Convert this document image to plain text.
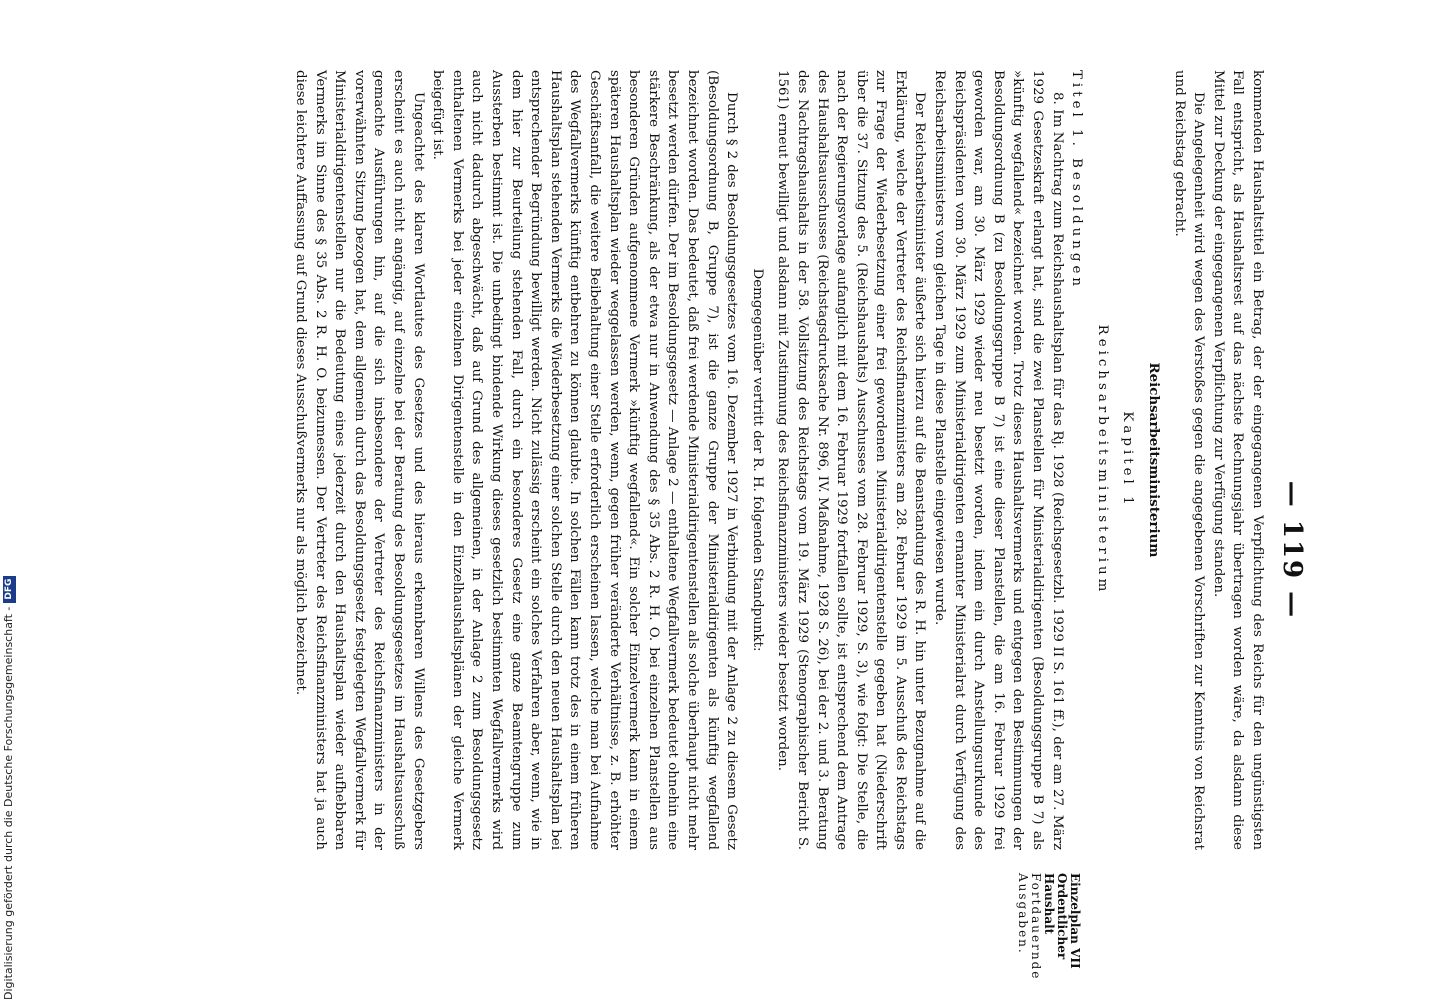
— 119 —
Einzelplan VII
Ordentlicher
Haushalt
Fortdauernde
Ausgaben.

kommenden Haushaltstitel ein Betrag, der der eingegangenen Verpflichtung des Reichs für den ungünstigsten Fall entspricht, als Haushaltsrest auf das nächste Rechnungsjahr übertragen worden wäre, da alsdann diese Mittel zur Deckung der eingegangenen Verpflichtung zur Verfügung standen.

Die Angelegenheit wird wegen des Verstoßes gegen die angegebenen Vorschriften zur Kenntnis von Reichsrat und Reichstag gebracht.

Reichsarbeitsministerium

Kapitel 1

Reichsarbeitsministerium

Titel 1. Besoldungen

8. Im Nachtrag zum Reichshaushaltsplan für das Rj. 1928 (Reichsgesetzbl. 1929 II S. 161 ff.), der am 27. März 1929 Gesetzeskraft erlangt hat, sind die zwei Planstellen für Ministerialdirigenten (Besoldungsgruppe B 7) als »künftig wegfallend« bezeichnet worden. Trotz dieses Haushaltsvermerks und entgegen den Bestimmungen der Besoldungsordnung B (zu Besoldungsgruppe B 7) ist eine dieser Planstellen, die am 16. Februar 1929 frei geworden war, am 30. März 1929 wieder neu besetzt worden, indem ein durch Anstellungsurkunde des Reichspräsidenten vom 30. März 1929 zum Ministerialdirigenten ernannter Ministerialrat durch Verfügung des Reichsarbeitsministers vom gleichen Tage in diese Planstelle eingewiesen wurde.

Der Reichsarbeitsminister äußerte sich hierzu auf die Beanstandung des R. H. hin unter Bezugnahme auf die Erklärung, welche der Vertreter des Reichsfinanzministers am 28. Februar 1929 im 5. Ausschuß des Reichstags zur Frage der Wiederbesetzung einer frei gewordenen Ministerialdirigentenstelle gegeben hat (Niederschrift über die 37. Sitzung des 5. (Reichshaushalts) Ausschusses vom 28. Februar 1929, S. 3), wie folgt: Die Stelle, die nach der Regierungsvorlage aufanglich mit dem 16. Februar 1929 fortfallen sollte, ist entsprechend dem Antrage des Haushaltsausschusses (Reichstagsdrucksache Nr. 896, IV. Maßnahme, 1928 S. 26), bei der 2. und 3. Beratung des Nachtragshaushalts in der 58. Vollsitzung des Reichstags vom 19. März 1929 (Stenographischer Bericht S. 1561) erneut bewilligt und alsdann mit Zustimmung des Reichsfinanzministers wieder besetzt worden.

Demgegenüber vertritt der R. H. folgenden Standpunkt:

Durch § 2 des Besoldungsgesetzes vom 16. Dezember 1927 in Verbindung mit der Anlage 2 zu diesem Gesetz (Besoldungsordnung B, Gruppe 7), ist die ganze Gruppe der Ministerialdirigenten als künftig wegfallend bezeichnet worden. Das bedeutet, daß frei werdende Ministerialdirigentenstellen als solche überhaupt nicht mehr besetzt werden dürfen. Der im Besoldungsgesetz — Anlage 2 — enthaltene Wegfallvermerk bedeutet ohnehin eine stärkere Beschränkung, als der etwa nur in Anwendung des § 35 Abs. 2 R. H. O. bei einzelnen Planstellen aus besonderen Gründen aufgenommene Vermerk »künftig wegfallend«. Ein solcher Einzelvermerk kann in einem späteren Haushaltsplan wieder weggelassen werden, wenn, gegen früher veränderte Verhältnisse, z. B. erhöhter Geschäftsanfall, die weitere Beibehaltung einer Stelle erforderlich erscheinen lassen, welche man bei Aufnahme des Wegfallvermerks künftig entbehren zu können glaubte. In solchen Fällen kann trotz des in einem früheren Haushaltsplan stehenden Vermerks die Wiederbesetzung einer solchen Stelle durch den neuen Haushaltsplan bei entsprechender Begründung bewilligt werden. Nicht zulässig erscheint ein solches Verfahren aber, wenn, wie in dem hier zur Beurteilung stehenden Fall, durch ein besonderes Gesetz eine ganze Beamtengruppe zum Aussterben bestimmt ist. Die unbedingt bindende Wirkung dieses gesetzlich bestimmten Wegfallvermerks wird auch nicht dadurch abgeschwächt, daß auf Grund des allgemeinen, in der Anlage 2 zum Besoldungsgesetz enthaltenen Vermerks bei jeder einzelnen Dirigentenstelle in den Einzelhaushaltsplänen der gleiche Vermerk beigefügt ist.

Ungeachtet des klaren Wortlautes des Gesetzes und des hieraus erkennbaren Willens des Gesetzgebers erscheint es auch nicht angängig, auf einzelne bei der Beratung des Besoldungsgesetzes im Haushaltsausschuß gemachte Ausführungen hin, auf die sich insbesondere der Vertreter des Reichsfinanzministers in der vorerwähnten Sitzung bezogen hat, dem allgemein durch das Besoldungsgesetz festgelegten Wegfallvermerk für Ministerialdirigentenstellen nur die Bedeutung eines jederzeit durch den Haushaltsplan wieder aufhebbaren Vermerks im Sinne des § 35 Abs. 2 R. H. O. beizumessen. Der Vertreter des Reichsfinanzministers hat ja auch diese leichtere Auffassung auf Grund dieses Ausschußvermerks nur als möglich bezeichnet.

Digitalisierung gefördert durch die Deutsche Forschungsgemeinschaft -DFG
